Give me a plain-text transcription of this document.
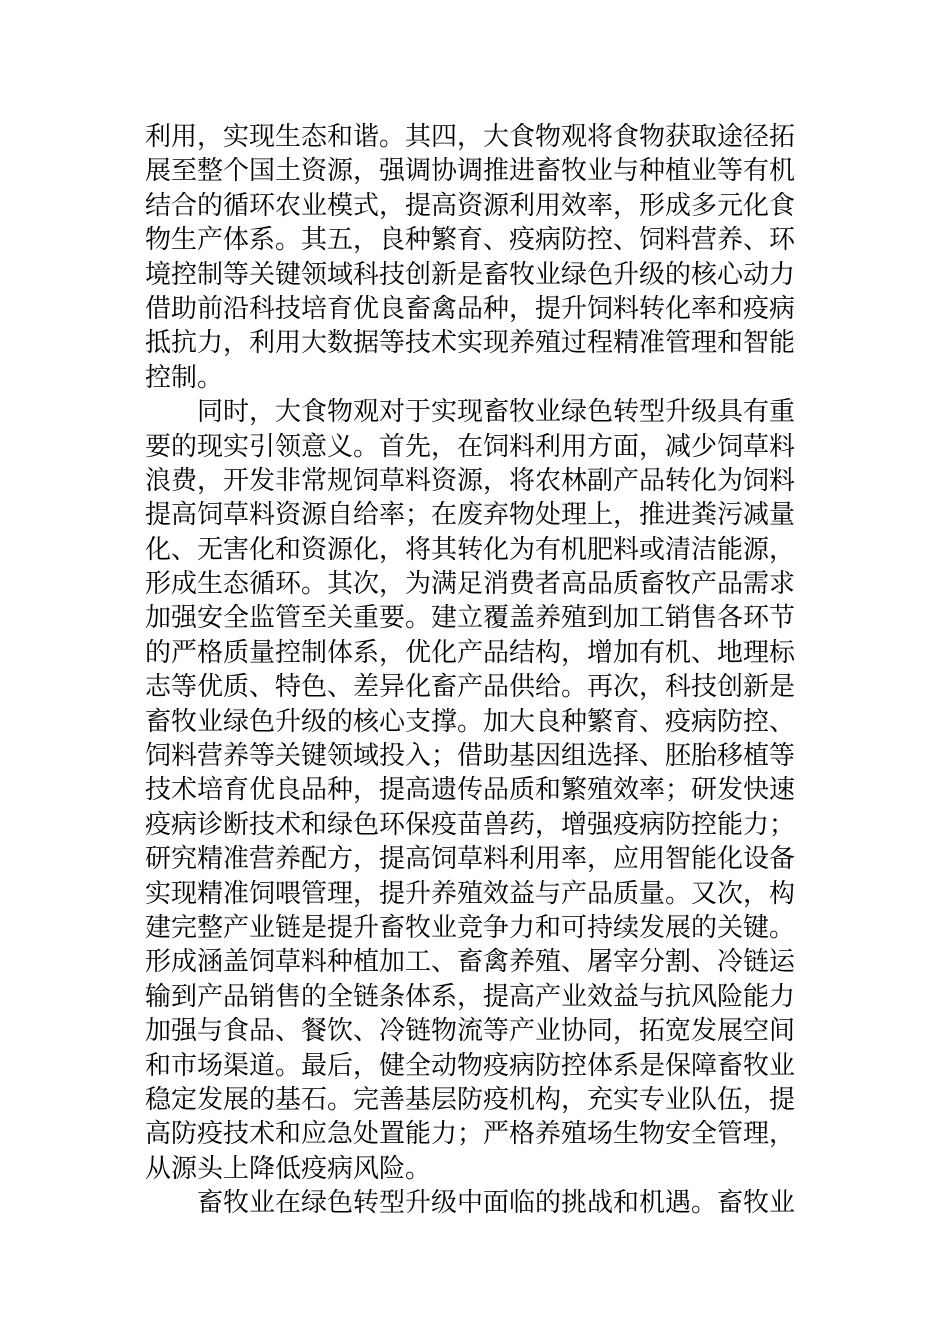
利用，实现生态和谐。其四，大食物观将食物获取途径拓
展至整个国土资源，强调协调推进畜牧业与种植业等有机
结合的循环农业模式，提高资源利用效率，形成多元化食
物生产体系。其五，良种繁育、疫病防控、饲料营养、环
境控制等关键领域科技创新是畜牧业绿色升级的核心动力
借助前沿科技培育优良畜禽品种，提升饲料转化率和疫病
抵抗力，利用大数据等技术实现养殖过程精准管理和智能
控制。
同时，大食物观对于实现畜牧业绿色转型升级具有重
要的现实引领意义。首先，在饲料利用方面，减少饲草料
浪费，开发非常规饲草料资源，将农林副产品转化为饲料
提高饲草料资源自给率；在废弃物处理上，推进粪污减量
化、无害化和资源化，将其转化为有机肥料或清洁能源，
形成生态循环。其次，为满足消费者高品质畜牧产品需求
加强安全监管至关重要。建立覆盖养殖到加工销售各环节
的严格质量控制体系，优化产品结构，增加有机、地理标
志等优质、特色、差异化畜产品供给。再次，科技创新是
畜牧业绿色升级的核心支撑。加大良种繁育、疫病防控、
饲料营养等关键领域投入；借助基因组选择、胚胎移植等
技术培育优良品种，提高遗传品质和繁殖效率；研发快速
疫病诊断技术和绿色环保疫苗兽药，增强疫病防控能力；
研究精准营养配方，提高饲草料利用率，应用智能化设备
实现精准饲喂管理，提升养殖效益与产品质量。又次，构
建完整产业链是提升畜牧业竞争力和可持续发展的关键。
形成涵盖饲草料种植加工、畜禽养殖、屠宰分割、冷链运
输到产品销售的全链条体系，提高产业效益与抗风险能力
加强与食品、餐饮、冷链物流等产业协同，拓宽发展空间
和市场渠道。最后，健全动物疫病防控体系是保障畜牧业
稳定发展的基石。完善基层防疫机构，充实专业队伍，提
高防疫技术和应急处置能力；严格养殖场生物安全管理，
从源头上降低疫病风险。
畜牧业在绿色转型升级中面临的挑战和机遇。畜牧业
